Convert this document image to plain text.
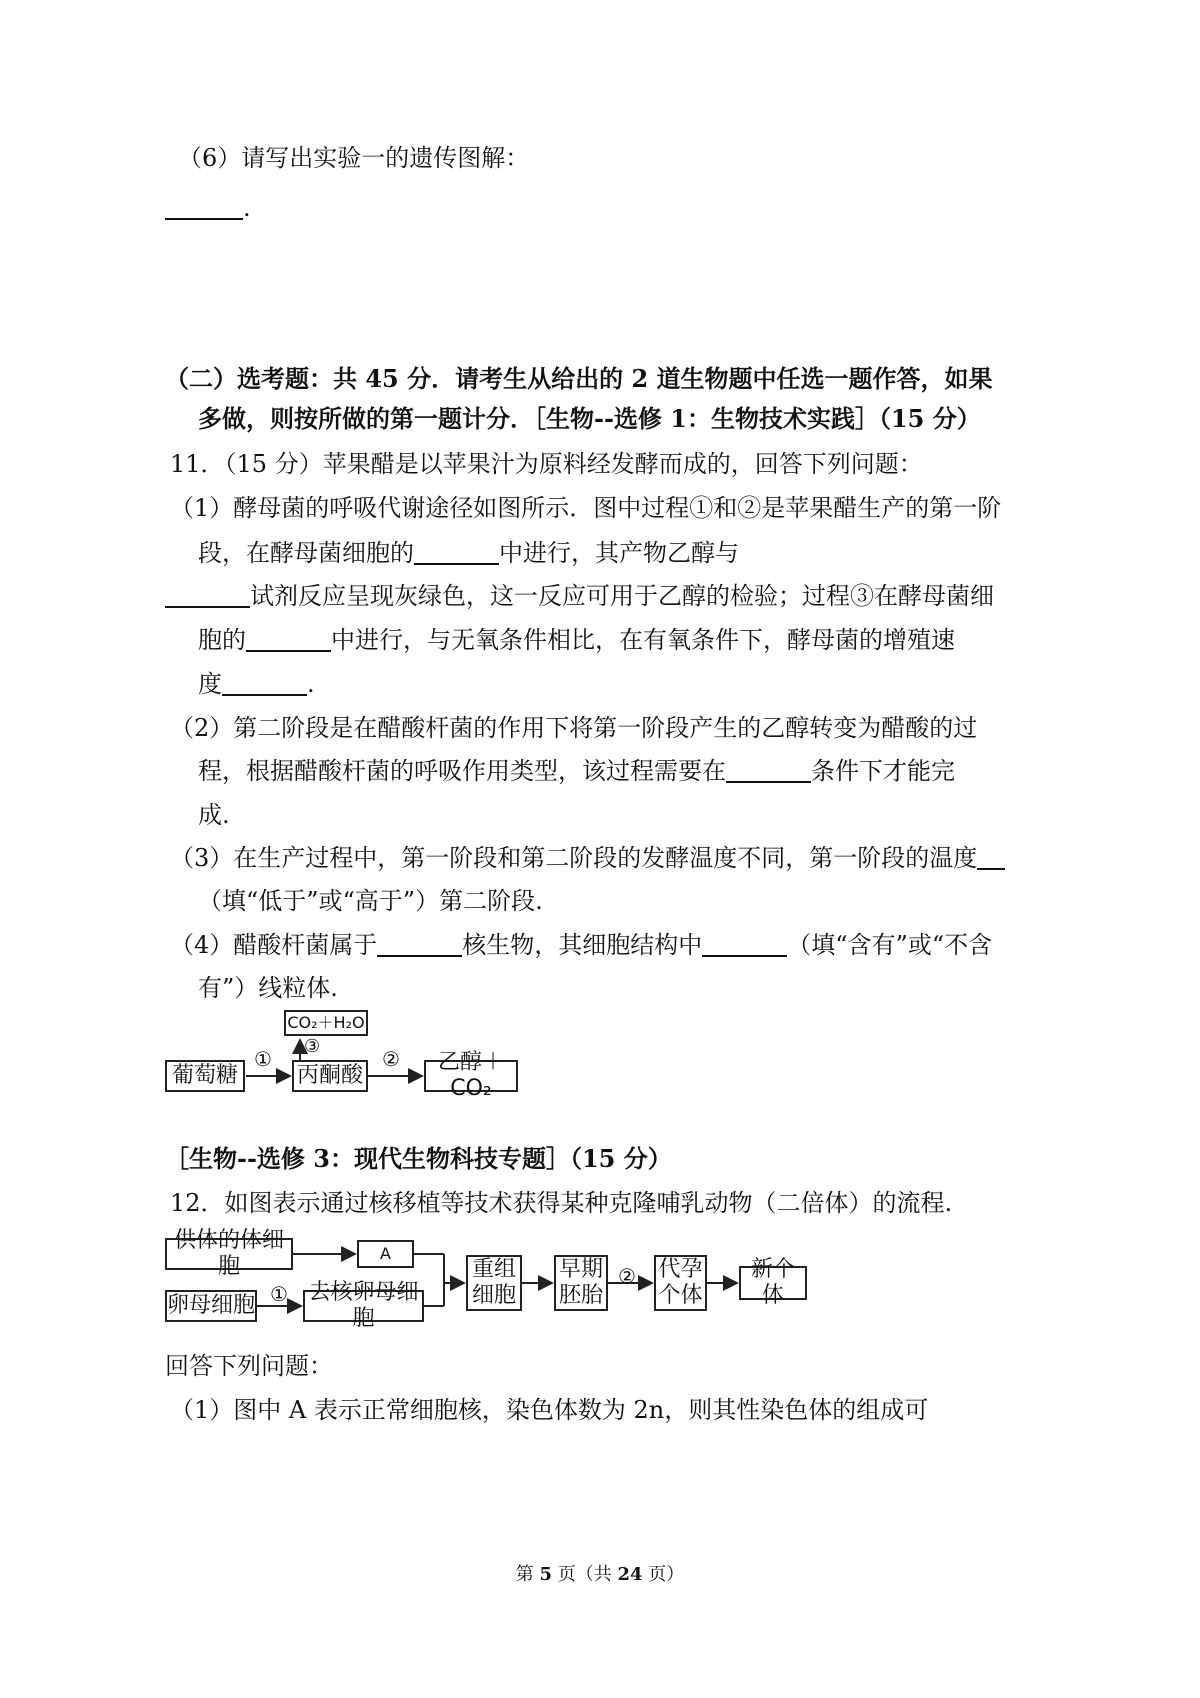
（6）请写出实验一的遗传图解：
.
（二）选考题：共 45 分．请考生从给出的 2 道生物题中任选一题作答，如果
多做，则按所做的第一题计分．［生物--选修 1：生物技术实践］（15 分）
11．（15 分）苹果醋是以苹果汁为原料经发酵而成的，回答下列问题：
（1）酵母菌的呼吸代谢途径如图所示．图中过程①和②是苹果醋生产的第一阶
段，在酵母菌细胞的	中进行，其产物乙醇与
试剂反应呈现灰绿色，这一反应可用于乙醇的检验；过程③在酵母菌细
胞的	中进行，与无氧条件相比，在有氧条件下，酵母菌的增殖速
度	.
（2）第二阶段是在醋酸杆菌的作用下将第一阶段产生的乙醇转变为醋酸的过
程，根据醋酸杆菌的呼吸作用类型，该过程需要在	条件下才能完
成.
（3）在生产过程中，第一阶段和第二阶段的发酵温度不同，第一阶段的温度
（填“低于”或“高于”）第二阶段.
（4）醋酸杆菌属于	核生物，其细胞结构中	（填“含有”或“不含
有”）线粒体.
葡萄糖
①
丙酮酸
②	乙醇＋CO₂
③
CO₂＋H₂O
［生物--选修 3：现代生物科技专题］（15 分）
12．如图表示通过核移植等技术获得某种克隆哺乳动物（二倍体）的流程.
供体的体细胞
A
卵母细胞 ① 去核卵母细胞
重组
细胞
早期
胚胎
② 代孕
个体
新个体
回答下列问题：
（1）图中 A 表示正常细胞核，染色体数为 2n，则其性染色体的组成可
第 5 页（共 24 页）
